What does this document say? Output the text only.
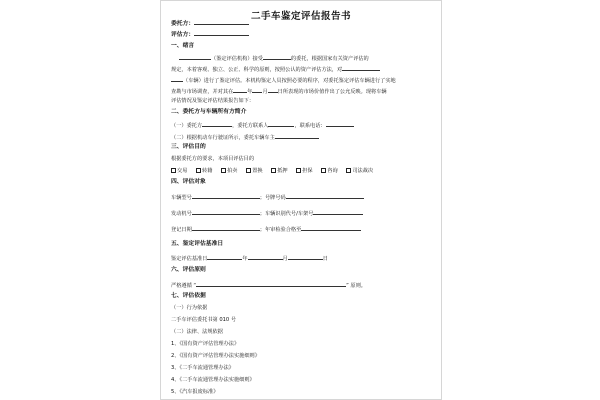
二手车鉴定评估报告书
委托方：
评估方：
一、绪言
（鉴定评估机构）接受	的委托，根据国家有关资产评估的
规定，本着客观、独立、公正、科学的原则，按照公认的资产评估方法，对
（车辆）进行了鉴定评估。本机构鉴定人员按照必要的程序，对委托鉴定评估车辆进行了实地
查勘与市场调查，并对其在	年 月 日所表现的市场价值作出了公允反映。现将车辆
评估情况及鉴定评估结果报告如下：
二、委托方与车辆所有方简介
（一）委托方	，委托方联系人	，联系电话：
（二）根据机动车行驶证所示，委托车辆车主
三、评估目的
根据委托方的要求，本项目评估目的
交易	转籍	拍卖	置换	抵押	担保	咨询	司法裁决
四、评估对象
车辆型号	；号牌号码
发动机号	；车辆识别代号/车架号
登记日期	；年审检验合格至
五、鉴定评估基准日
鉴定评估基准日	年	月	日
六、评估原则
严格遵循 “	” 原则。
七、评估依据
（一）行为依据
二手车评估委托书第 010 号
（二）法律、法规依据
1、《国有资产评估管理办法》
2、《国有资产评估管理办法实施细则》
3、《二手车流通管理办法》
4、《二手车流通管理办法实施细则》
5、《汽车报废标准》
